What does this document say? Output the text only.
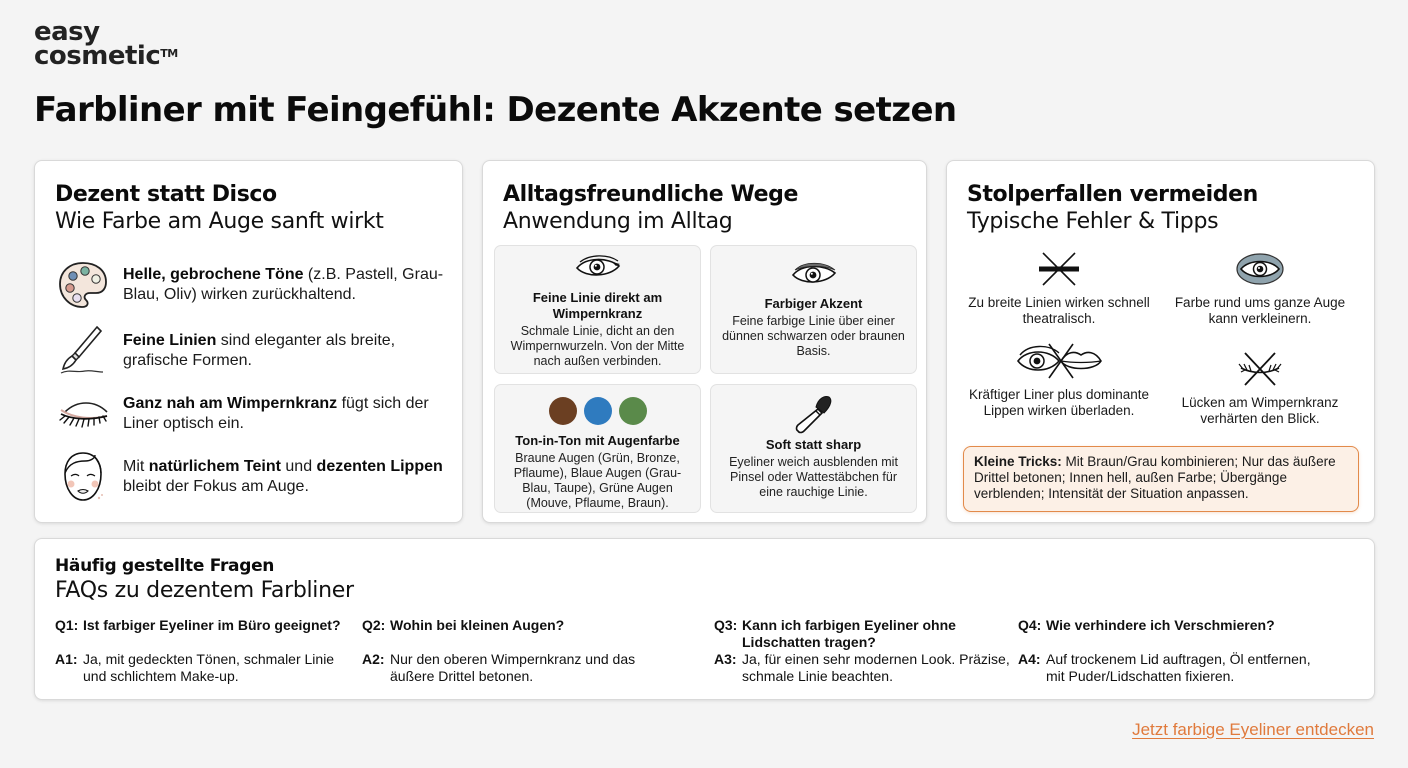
easy
cosmetic™
Farbliner mit Feingefühl: Dezente Akzente setzen
Dezent statt Disco
Wie Farbe am Auge sanft wirkt
Helle, gebrochene Töne (z.B. Pastell, Grau-Blau, Oliv) wirken zurückhaltend.
Feine Linien sind eleganter als breite, grafische Formen.
Ganz nah am Wimpernkranz fügt sich der Liner optisch ein.
Mit natürlichem Teint und dezenten Lippen bleibt der Fokus am Auge.
Alltagsfreundliche Wege
Anwendung im Alltag
Feine Linie direkt am Wimpernkranz
Schmale Linie, dicht an den Wimpernwurzeln. Von der Mitte nach außen verbinden.
Farbiger Akzent
Feine farbige Linie über einer dünnen schwarzen oder braunen Basis.
Ton-in-Ton mit Augenfarbe
Braune Augen (Grün, Bronze, Pflaume), Blaue Augen (Grau-Blau, Taupe), Grüne Augen (Mouve, Pflaume, Braun).
Soft statt sharp
Eyeliner weich ausblenden mit Pinsel oder Wattestäbchen für eine rauchige Linie.
Stolperfallen vermeiden
Typische Fehler & Tipps
Zu breite Linien wirken schnell theatralisch.
Farbe rund ums ganze Auge kann verkleinern.
Kräftiger Liner plus dominante Lippen wirken überladen.
Lücken am Wimpernkranz verhärten den Blick.
Kleine Tricks: Mit Braun/Grau kombinieren; Nur das äußere Drittel betonen; Innen hell, außen Farbe; Übergänge verblenden; Intensität der Situation anpassen.
Häufig gestellte Fragen
FAQs zu dezentem Farbliner
Q1: Ist farbiger Eyeliner im Büro geeignet?
A1: Ja, mit gedeckten Tönen, schmaler Linie und schlichtem Make-up.
Q2: Wohin bei kleinen Augen?
A2: Nur den oberen Wimpernkranz und das äußere Drittel betonen.
Q3: Kann ich farbigen Eyeliner ohne Lidschatten tragen?
A3: Ja, für einen sehr modernen Look. Präzise, schmale Linie beachten.
Q4: Wie verhindere ich Verschmieren?
A4: Auf trockenem Lid auftragen, Öl entfernen, mit Puder/Lidschatten fixieren.
Jetzt farbige Eyeliner entdecken
